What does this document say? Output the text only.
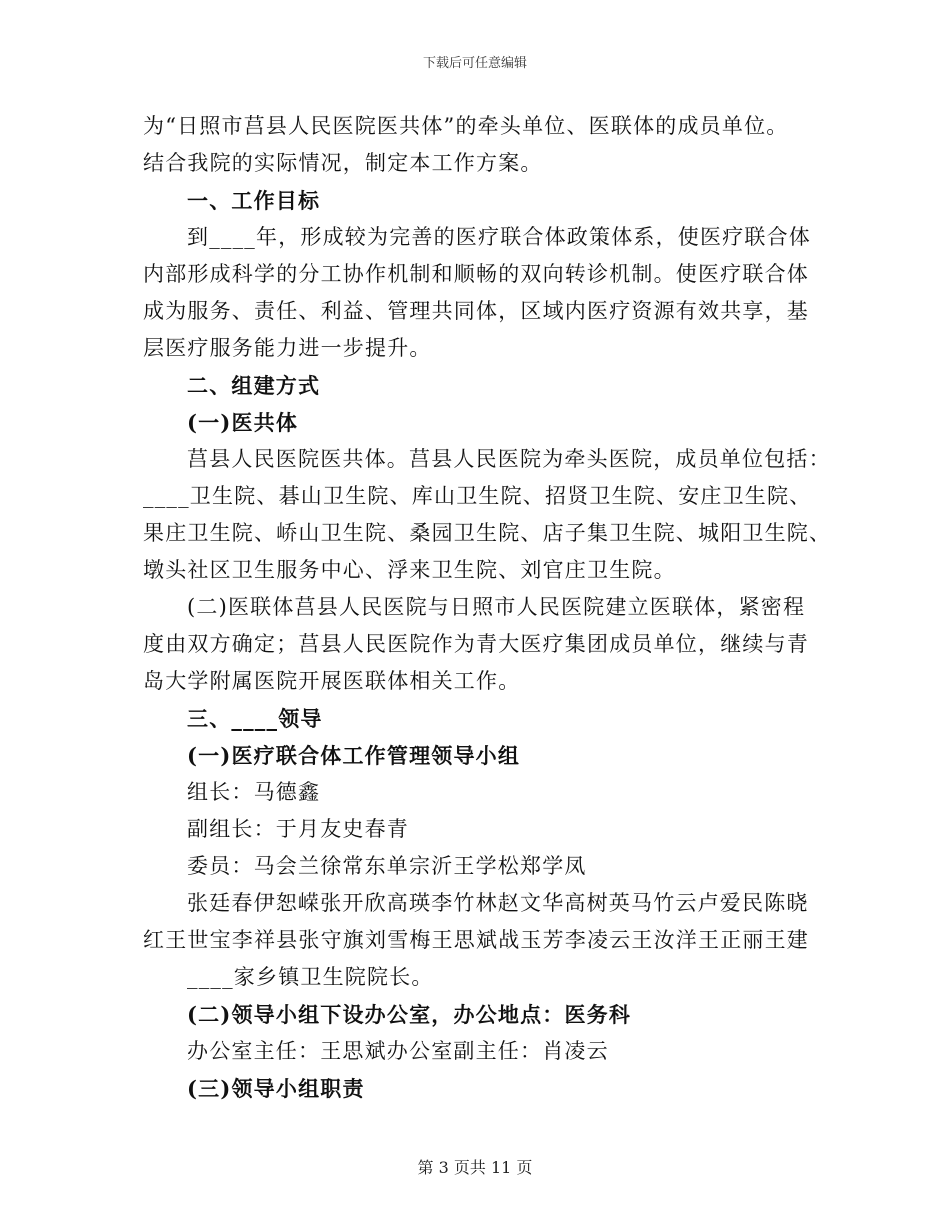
下载后可任意编辑
为“日照市莒县人民医院医共体”的牵头单位、医联体的成员单位。
结合我院的实际情况，制定本工作方案。
一、工作目标
到____年，形成较为完善的医疗联合体政策体系，使医疗联合体
内部形成科学的分工协作机制和顺畅的双向转诊机制。使医疗联合体
成为服务、责任、利益、管理共同体，区域内医疗资源有效共享，基
层医疗服务能力进一步提升。
二、组建方式
(一)医共体
莒县人民医院医共体。莒县人民医院为牵头医院，成员单位包括：
____卫生院、碁山卫生院、库山卫生院、招贤卫生院、安庄卫生院、
果庄卫生院、峤山卫生院、桑园卫生院、店子集卫生院、城阳卫生院、
墩头社区卫生服务中心、浮来卫生院、刘官庄卫生院。
(二)医联体莒县人民医院与日照市人民医院建立医联体，紧密程
度由双方确定；莒县人民医院作为青大医疗集团成员单位，继续与青
岛大学附属医院开展医联体相关工作。
三、____领导
(一)医疗联合体工作管理领导小组
组长：马德鑫
副组长：于月友史春青
委员：马会兰徐常东单宗沂王学松郑学凤
张廷春伊恕嵘张开欣高瑛李竹林赵文华高树英马竹云卢爱民陈晓
红王世宝李祥县张守旗刘雪梅王思斌战玉芳李凌云王汝洋王正丽王建
____家乡镇卫生院院长。
(二)领导小组下设办公室，办公地点：医务科
办公室主任：王思斌办公室副主任：肖凌云
(三)领导小组职责
第 3 页共 11 页
